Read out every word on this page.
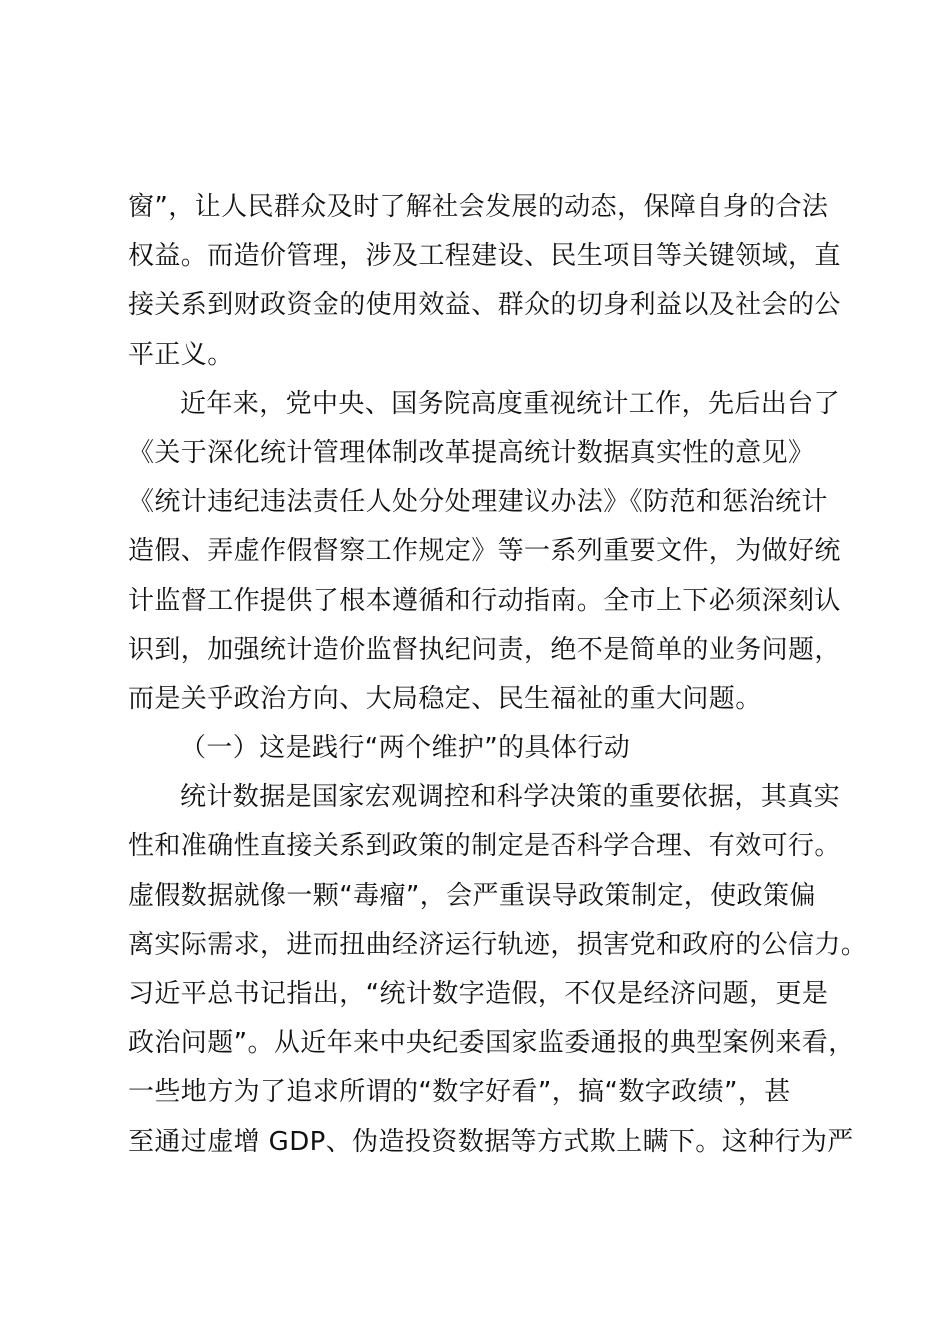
窗”，让人民群众及时了解社会发展的动态，保障自身的合法
权益。而造价管理，涉及工程建设、民生项目等关键领域，直
接关系到财政资金的使用效益、群众的切身利益以及社会的公
平正义。
近年来，党中央、国务院高度重视统计工作，先后出台了
《关于深化统计管理体制改革提高统计数据真实性的意见》
《统计违纪违法责任人处分处理建议办法》《防范和惩治统计
造假、弄虚作假督察工作规定》等一系列重要文件，为做好统
计监督工作提供了根本遵循和行动指南。全市上下必须深刻认
识到，加强统计造价监督执纪问责，绝不是简单的业务问题，
而是关乎政治方向、大局稳定、民生福祉的重大问题。
（一）这是践行“两个维护”的具体行动
统计数据是国家宏观调控和科学决策的重要依据，其真实
性和准确性直接关系到政策的制定是否科学合理、有效可行。
虚假数据就像一颗“毒瘤”，会严重误导政策制定，使政策偏
离实际需求，进而扭曲经济运行轨迹，损害党和政府的公信力。
习近平总书记指出，“统计数字造假，不仅是经济问题，更是
政治问题”。从近年来中央纪委国家监委通报的典型案例来看，
一些地方为了追求所谓的“数字好看”，搞“数字政绩”，甚
至通过虚增 GDP、伪造投资数据等方式欺上瞒下。这种行为严
